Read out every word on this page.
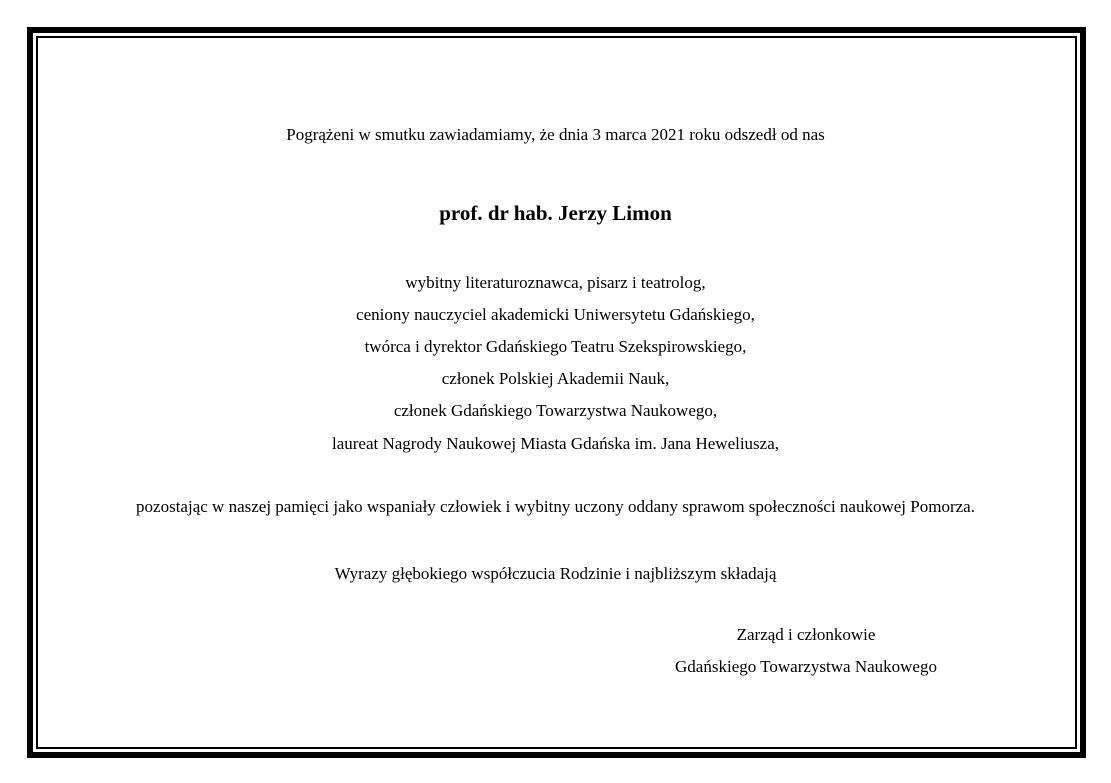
Pogrążeni w smutku zawiadamiamy, że dnia 3 marca 2021 roku odszedł od nas
prof. dr hab. Jerzy Limon
wybitny literaturoznawca, pisarz i teatrolog,
ceniony nauczyciel akademicki Uniwersytetu Gdańskiego,
twórca i dyrektor Gdańskiego Teatru Szekspirowskiego,
członek Polskiej Akademii Nauk,
członek Gdańskiego Towarzystwa Naukowego,
laureat Nagrody Naukowej Miasta Gdańska im. Jana Heweliusza,
pozostając w naszej pamięci jako wspaniały człowiek i wybitny uczony oddany sprawom społeczności naukowej Pomorza.
Wyrazy głębokiego współczucia Rodzinie i najbliższym składają
Zarząd i członkowie
Gdańskiego Towarzystwa Naukowego
